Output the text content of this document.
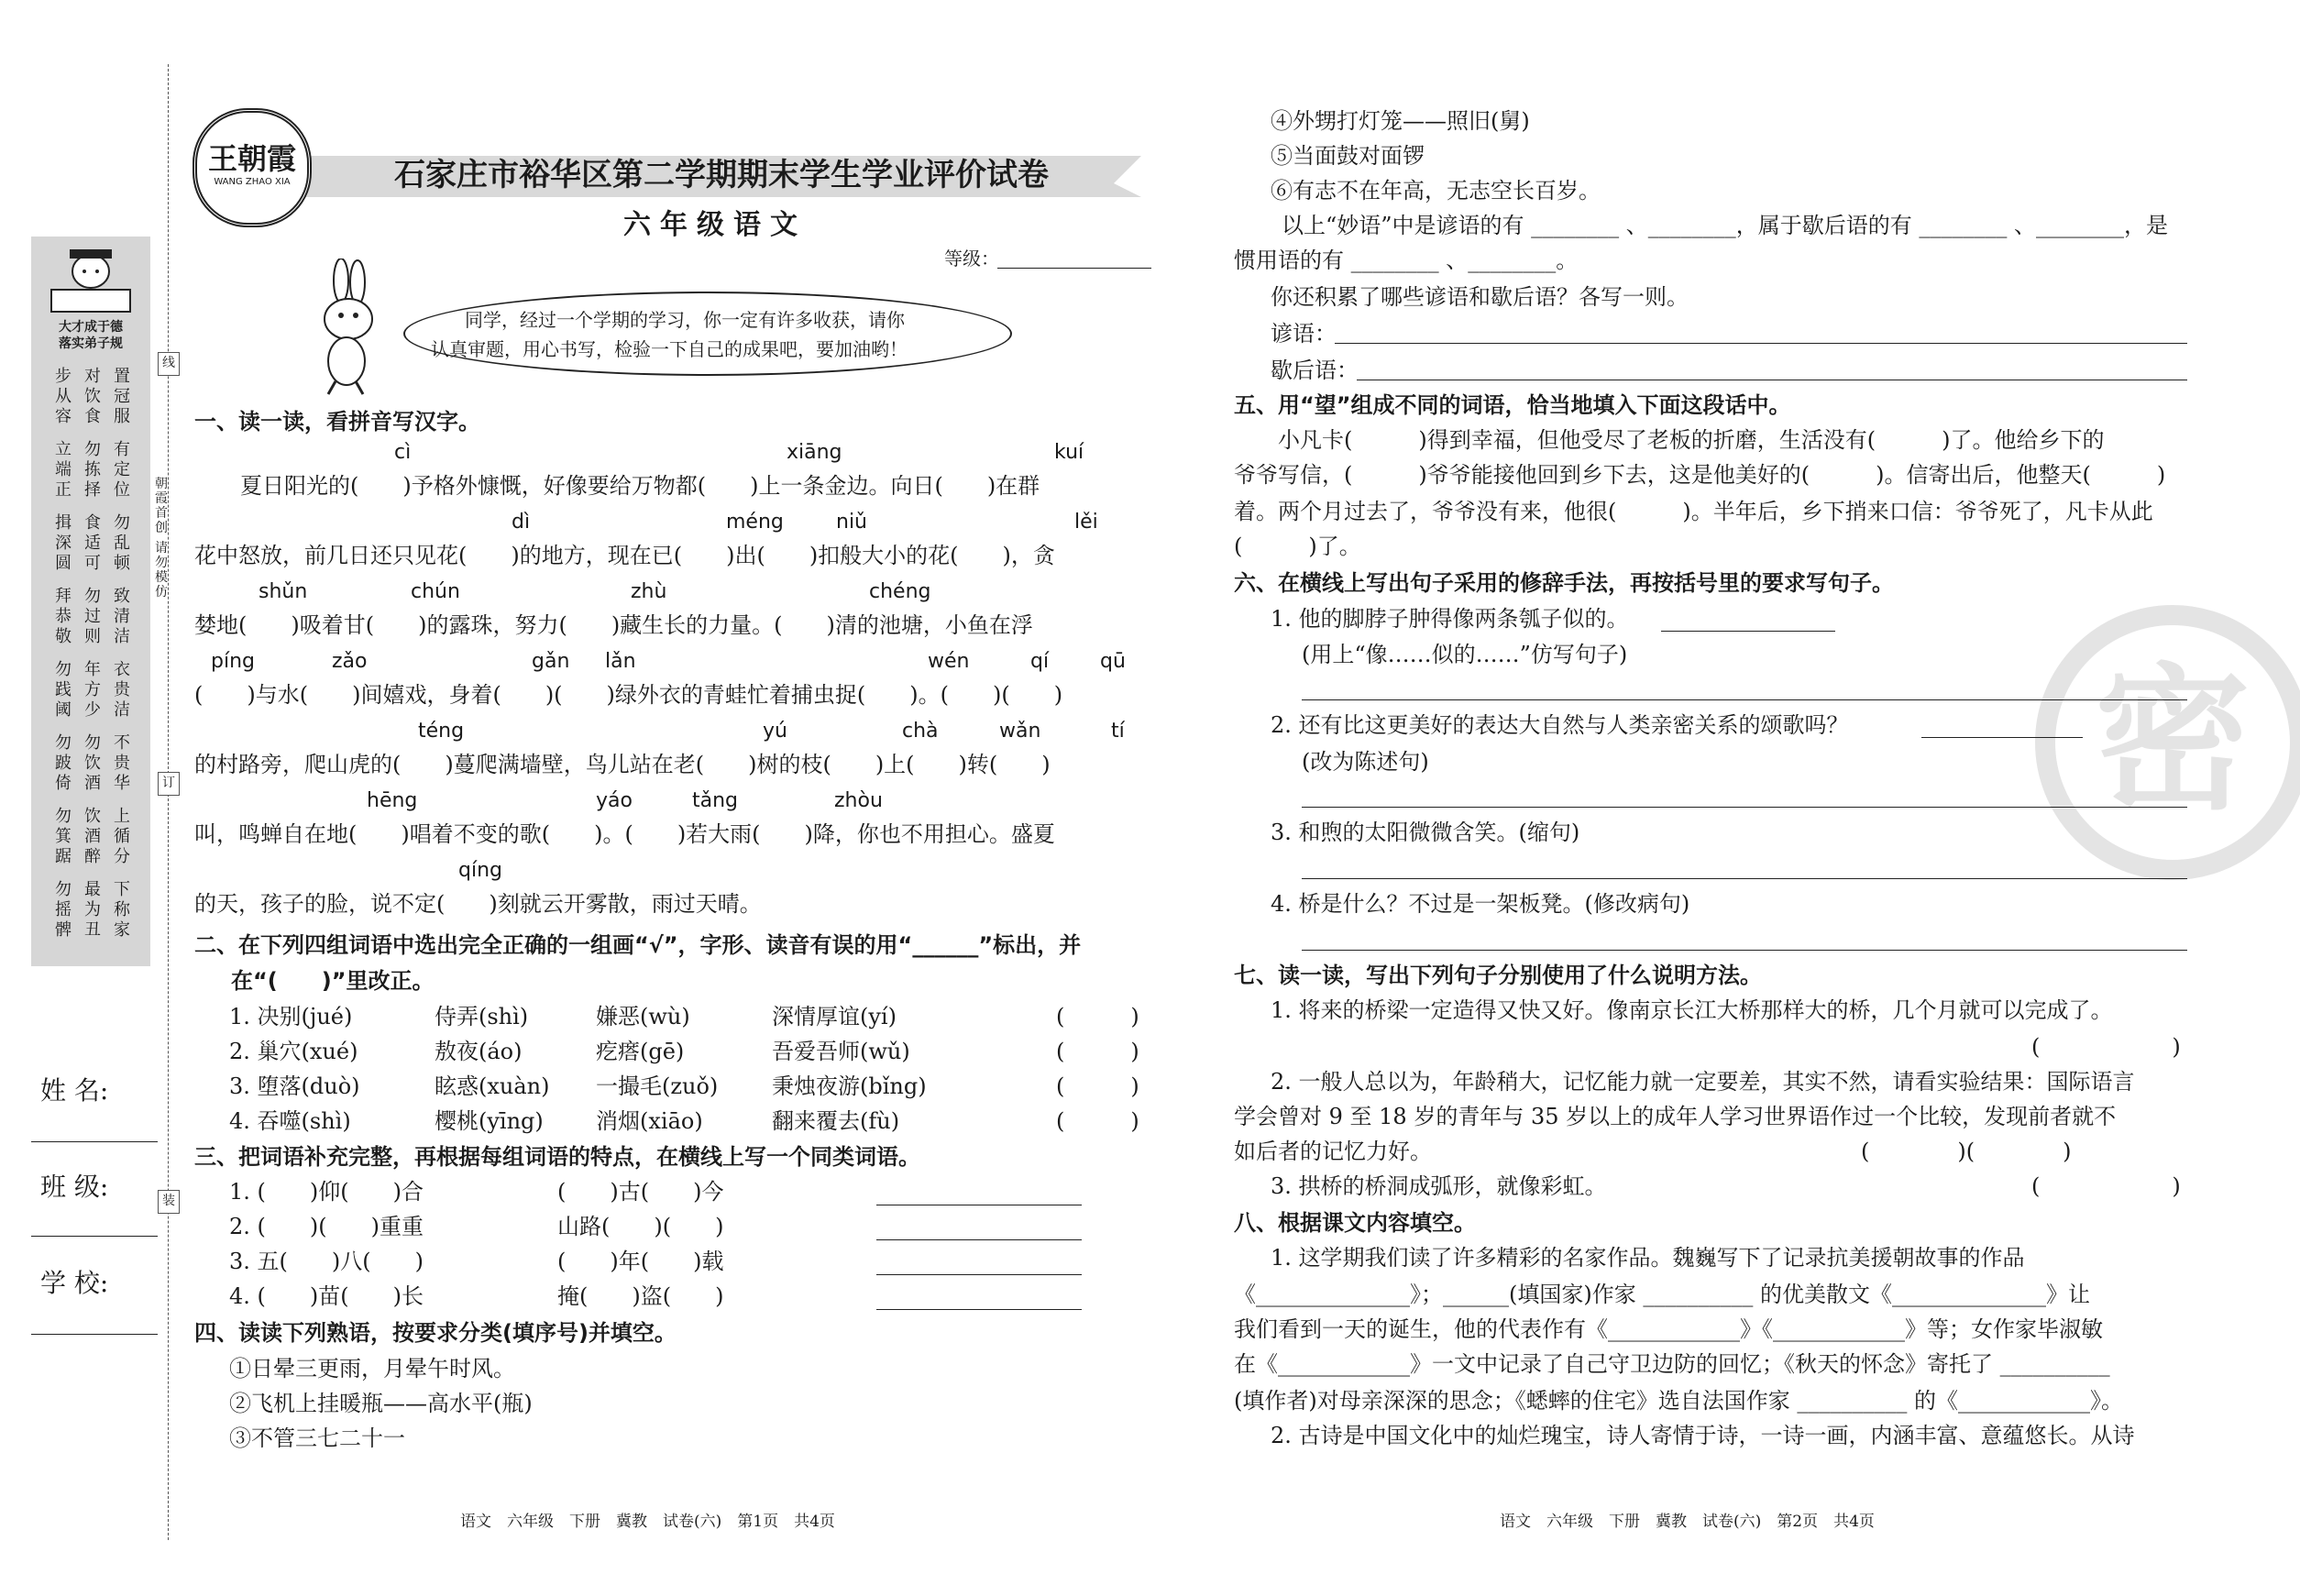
线
订
装
大才成于德
落实弟子规
步从容
对饮食
置冠服
立端正
勿拣择
有定位
揖深圆
食适可
勿乱顿
拜恭敬
勿过则
致清洁
勿践阈
年方少
衣贵洁
勿跛倚
勿饮酒
不贵华
勿箕踞
饮酒醉
上循分
勿摇髀
最为丑
下称家
朝霞首创
请勿模仿
姓 名:
班 级:
学 校:
王朝霞
WANG ZHAO XIA	石家庄市裕华区第二学期期末学生学业评价试卷
六年级语文
等级：
同学，经过一个学期的学习，你一定有许多收获，请你
认真审题，用心书写，检验一下自己的成果吧，要加油哟！
一、读一读，看拼音写汉字。
cì	xiāng	kuí
夏日阳光的(　　)予格外慷慨，好像要给万物都(　　)上一条金边。向日(　　)在群
dì	méng	niǔ	lěi
花中怒放，前几日还只见花(　　)的地方，现在已(　　)出(　　)扣般大小的花(　　)，贪
shǔn	chún	zhù	chéng
婪地(　　)吸着甘(　　)的露珠，努力(　　)藏生长的力量。(　　)清的池塘，小鱼在浮
píng	zǎo	gǎn lǎn	wén	qí	qū
(　　)与水(　　)间嬉戏，身着(　　)(　　)绿外衣的青蛙忙着捕虫捉(　　)。(　　)(　　)
téng	yú	chà	wǎn	tí
的村路旁，爬山虎的(　　)蔓爬满墙壁，鸟儿站在老(　　)树的枝(　　)上(　　)转(　　)
hēng	yáo	tǎng	zhòu
叫，鸣蝉自在地(　　)唱着不变的歌(　　)。(　　)若大雨(　　)降，你也不用担心。盛夏
qíng
的天，孩子的脸，说不定(　　)刻就云开雾散，雨过天晴。
二、在下列四组词语中选出完全正确的一组画“√”，字形、读音有误的用“______”标出，并
在“(　　)”里改正。
1. 决别(jué)	侍弄(shì)	嫌恶(wù)	深情厚谊(yí)	(　　　)
2. 巢穴(xué)	敖夜(áo)	疙瘩(gē)	吾爱吾师(wǔ)	(　　　)
3. 堕落(duò)	眩惑(xuàn) 一撮毛(zuǒ) 秉烛夜游(bǐng)	(　　　)
4. 吞噬(shì)	樱桃(yīng) 消烟(xiāo)	翻来覆去(fù)	(　　　)
三、把词语补充完整，再根据每组词语的特点，在横线上写一个同类词语。
1. (　　)仰(　　)合	(　　)古(　　)今
2. (　　)(　　)重重	山路(　　)(　　)
3. 五(　　)八(　　)	(　　)年(　　)载
4. (　　)苗(　　)长	掩(　　)盗(　　)
四、读读下列熟语，按要求分类(填序号)并填空。
①日晕三更雨，月晕午时风。
②飞机上挂暖瓶——高水平(瓶)
③不管三七二十一
语文　六年级　下册　冀教　试卷(六)　第1页　共4页
密
④外甥打灯笼——照旧(舅)
⑤当面鼓对面锣
⑥有志不在年高，无志空长百岁。
以上“妙语”中是谚语的有 ________ 、________，属于歇后语的有 ________ 、________，是
惯用语的有 ________ 、________。
你还积累了哪些谚语和歇后语？各写一则。
谚语：
歇后语：
五、用“望”组成不同的词语，恰当地填入下面这段话中。
小凡卡(　　　)得到幸福，但他受尽了老板的折磨，生活没有(　　　)了。他给乡下的
爷爷写信，(　　　)爷爷能接他回到乡下去，这是他美好的(　　　)。信寄出后，他整天(　　　)
着。两个月过去了，爷爷没有来，他很(　　　)。半年后，乡下捎来口信：爷爷死了，凡卡从此
(　　　)了。
六、在横线上写出句子采用的修辞手法，再按括号里的要求写句子。
1. 他的脚脖子肿得像两条瓠子似的。
(用上“像……似的……”仿写句子)
2. 还有比这更美好的表达大自然与人类亲密关系的颂歌吗？
(改为陈述句)
3. 和煦的太阳微微含笑。(缩句)
4. 桥是什么？不过是一架板凳。(修改病句)
七、读一读，写出下列句子分别使用了什么说明方法。
1. 将来的桥梁一定造得又快又好。像南京长江大桥那样大的桥，几个月就可以完成了。
(　　　　　　)
2. 一般人总以为，年龄稍大，记忆能力就一定要差，其实不然，请看实验结果：国际语言
学会曾对 9 至 18 岁的青年与 35 岁以上的成年人学习世界语作过一个比较，发现前者就不
如后者的记忆力好。	(　　　　)(　　　　)
3. 拱桥的桥洞成弧形，就像彩虹。	(　　　　　　)
八、根据课文内容填空。
1. 这学期我们读了许多精彩的名家作品。魏巍写下了记录抗美援朝故事的作品
《______________》；______(填国家)作家 __________ 的优美散文《______________》让
我们看到一天的诞生，他的代表作有《____________》《____________》等；女作家毕淑敏
在《____________》一文中记录了自己守卫边防的回忆；《秋天的怀念》寄托了 __________
(填作者)对母亲深深的思念；《蟋蟀的住宅》选自法国作家 __________ 的《____________》。
2. 古诗是中国文化中的灿烂瑰宝，诗人寄情于诗，一诗一画，内涵丰富、意蕴悠长。从诗
语文　六年级　下册　冀教　试卷(六)　第2页　共4页
